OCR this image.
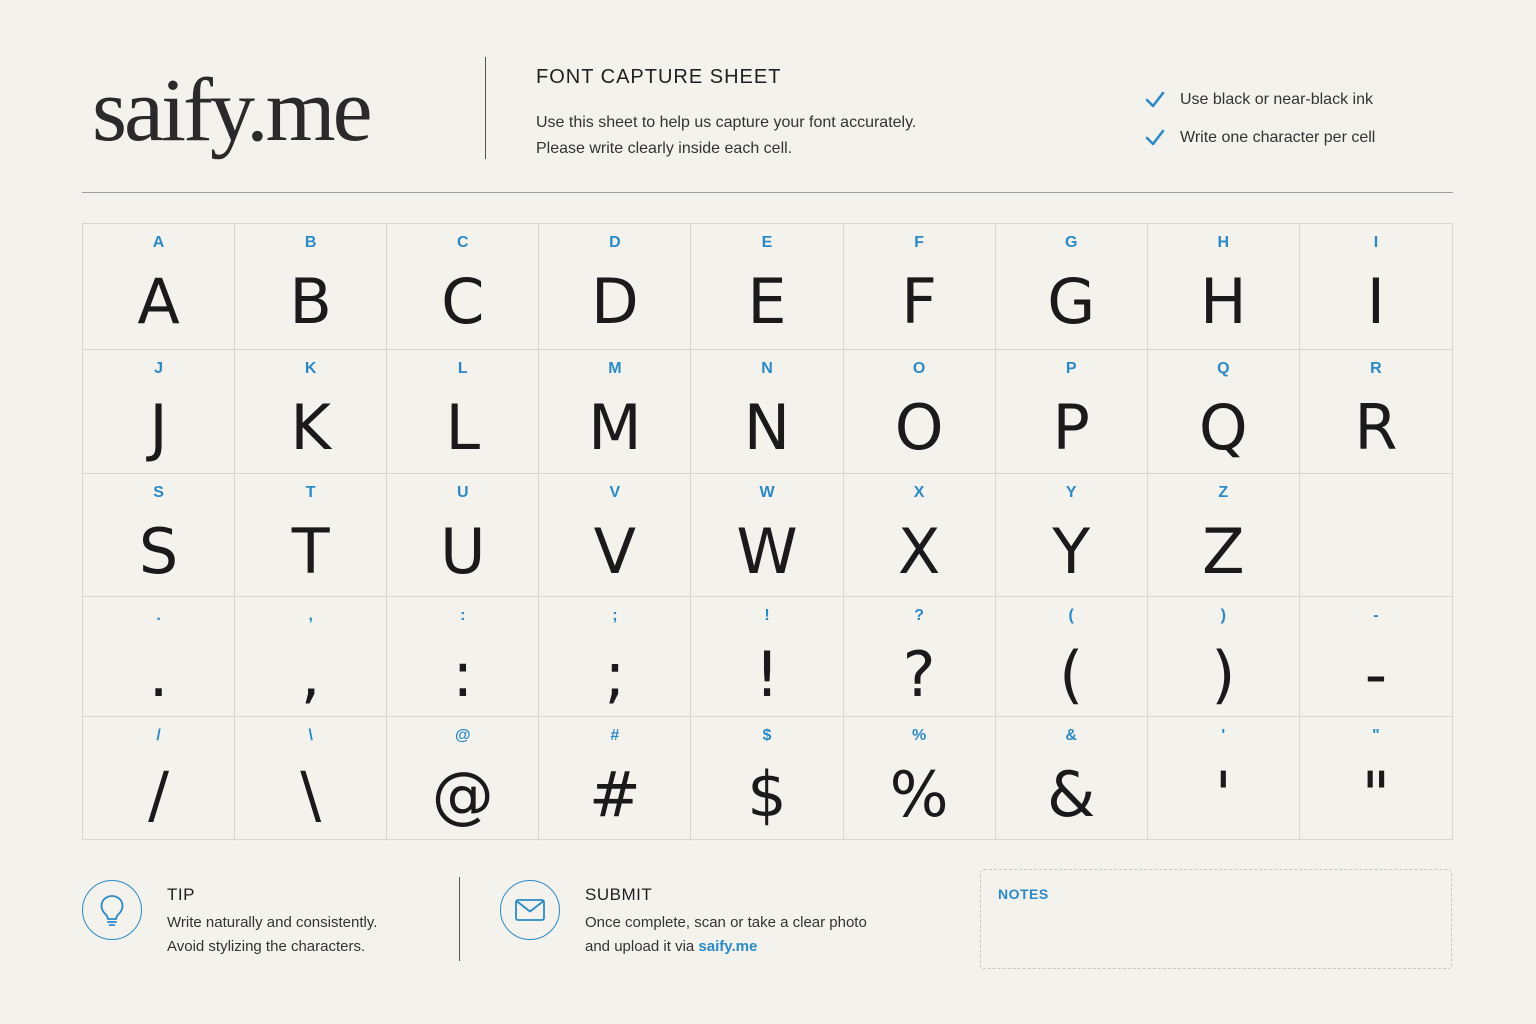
saify.me	FONT CAPTURE SHEET
Use this sheet to help us capture your font accurately.
Please write clearly inside each cell.
Use black or near-black ink
Write one character per cell
A
A
B
B
C
C
D
D
E
E
F
F
G
G
H
H
I
I
J
J
K
K
L
L
M
M
N
N
O
O
P
P
Q
Q
R
R
S
S
T
T
U
U
V
V
W
W
X
X
Y
Y
Z
Z
.
.
,
,
:
:
;
;
!
!
?
?
(
(
)
)
-
-
/
/
\
\
@
@
#
#
$
$
%
%
&
&
'
'
"
"
TIP
Write naturally and consistently.
Avoid stylizing the characters.
SUBMIT
Once complete, scan or take a clear photo
and upload it via saify.me
NOTES
